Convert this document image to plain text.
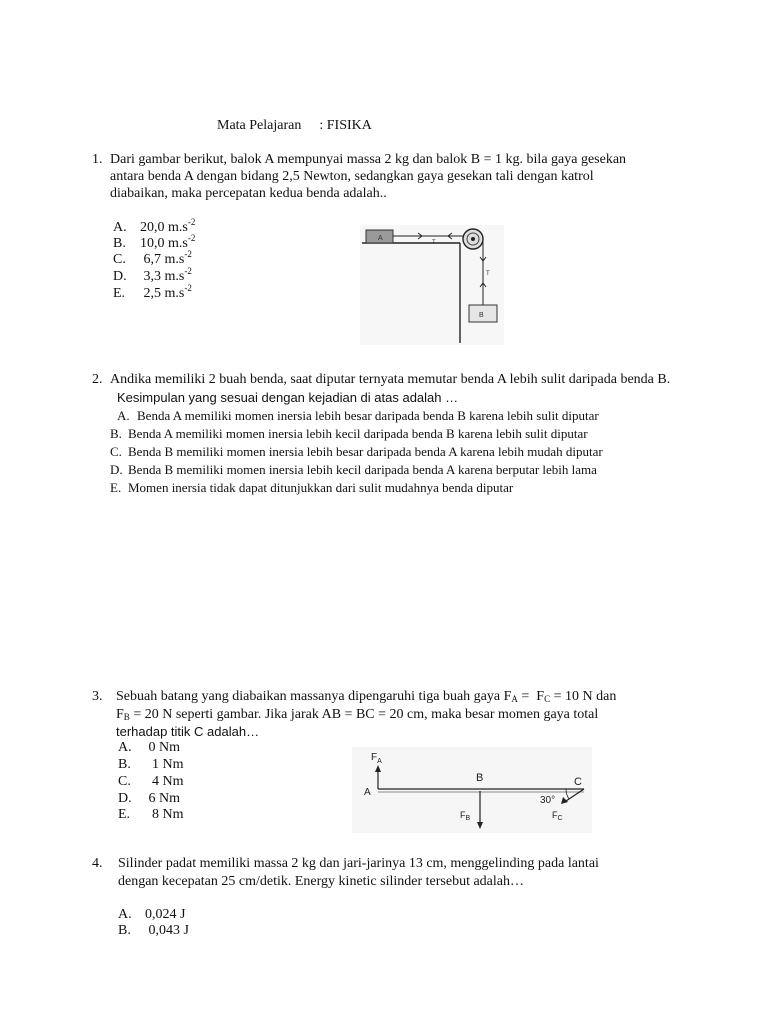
Mata Pelajaran : FISIKA
1. Dari gambar berikut, balok A mempunyai massa 2 kg dan balok B = 1 kg. bila gaya gesekan
antara benda A dengan bidang 2,5 Newton, sedangkan gaya gesekan tali dengan katrol
diabaikan, maka percepatan kedua benda adalah..
A. 20,0 $m.s^{-2}$
B. 10,0 $m.s^{-2}$
C. 6,7 $m.s^{-2}$
D. 3,3 $m.s^{-2}$
E. 2,5 $m.s^{-2}$
A
T
T
B
2. Andika memiliki 2 buah benda, saat diputar ternyata memutar benda A lebih sulit daripada benda B.
Kesimpulan yang sesuai dengan kejadian di atas adalah …
A. Benda A memiliki momen inersia lebih besar daripada benda B karena lebih sulit diputar
B. Benda A memiliki momen inersia lebih kecil daripada benda B karena lebih sulit diputar
C. Benda B memiliki momen inersia lebih besar daripada benda A karena lebih mudah diputar
D. Benda B memiliki momen inersia lebih kecil daripada benda A karena berputar lebih lama
E. Momen inersia tidak dapat ditunjukkan dari sulit mudahnya benda diputar
3. Sebuah batang yang diabaikan massanya dipengaruhi tiga buah gaya $F_A = F_C = 10$ N dan
$F_B = 20$ N seperti gambar. Jika jarak AB = BC = 20 cm, maka besar momen gaya total
terhadap titik C adalah…
A. 0 Nm
B.  1 Nm
C.  4 Nm
D. 6 Nm
E.  8 Nm
$F_A$
A
B	C
$F_B$
30°
$F_C$
4. Silinder padat memiliki massa 2 kg dan jari-jarinya 13 cm, menggelinding pada lantai
dengan kecepatan 25 cm/detik. Energy kinetic silinder tersebut adalah…
A. 0,024 J
B. 0,043 J
